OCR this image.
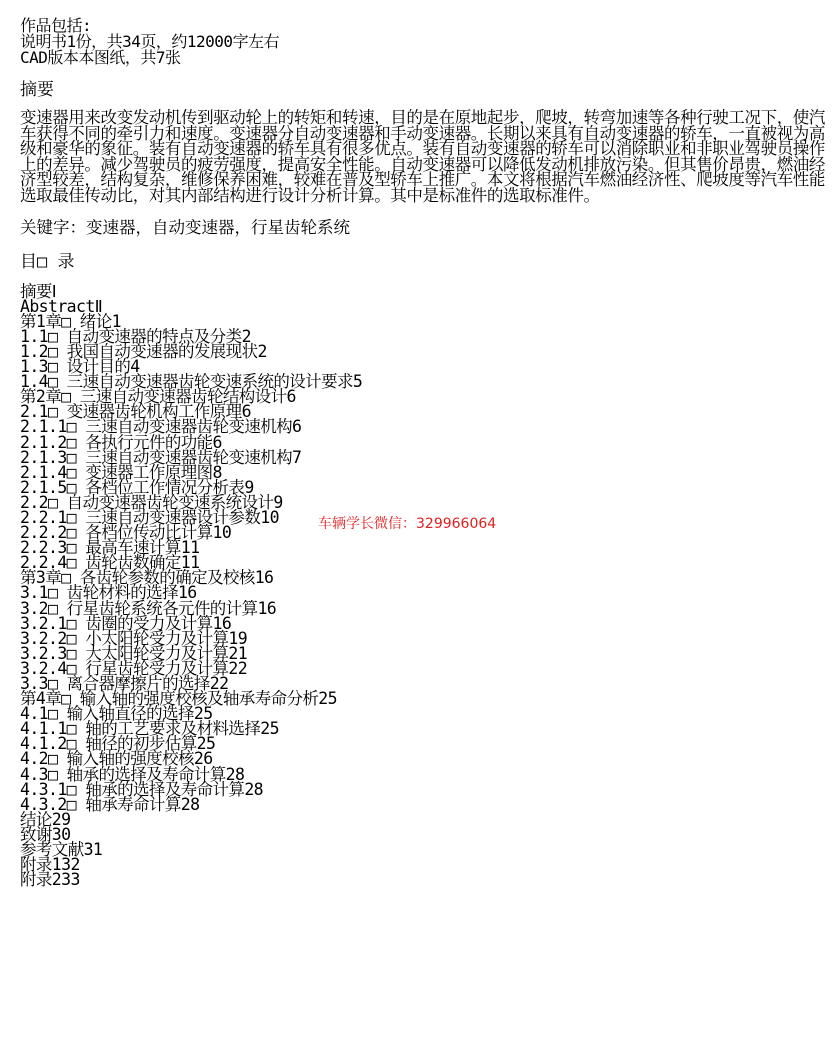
作品包括:
说明书1份，共34页，约12000字左右
CAD版本本图纸，共7张
摘要
变速器用来改变发动机传到驱动轮上的转矩和转速，目的是在原地起步，爬坡，转弯加速等各种行驶工况下，使汽车获得不同的牵引力和速度。变速器分自动变速器和手动变速器。长期以来具有自动变速器的轿车，一直被视为高级和豪华的象征。装有自动变速器的轿车具有很多优点。装有自动变速器的轿车可以消除职业和非职业驾驶员操作上的差异。减少驾驶员的疲劳强度，提高安全性能。自动变速器可以降低发动机排放污染。但其售价昂贵，燃油经济型较差，结构复杂，维修保养困难，较难在普及型轿车上推广。本文将根据汽车燃油经济性、爬坡度等汽车性能选取最佳传动比，对其内部结构进行设计分析计算。其中是标准件的选取标准件。
关键字：变速器，自动变速器，行星齿轮系统
目□ 录
摘要Ⅰ
AbstractⅡ
第1章□ 绪论1
1.1□ 自动变速器的特点及分类2
1.2□ 我国自动变速器的发展现状2
1.3□ 设计目的4
1.4□ 三速自动变速器齿轮变速系统的设计要求5
第2章□ 三速自动变速器齿轮结构设计6
2.1□ 变速器齿轮机构工作原理6
2.1.1□ 三速自动变速器齿轮变速机构6
2.1.2□ 各执行元件的功能6
2.1.3□ 三速自动变速器齿轮变速机构7
2.1.4□ 变速器工作原理图8
2.1.5□ 各档位工作情况分析表9
2.2□ 自动变速器齿轮变速系统设计9
2.2.1□ 三速自动变速器设计参数10
2.2.2□ 各档位传动比计算10
2.2.3□ 最高车速计算11
2.2.4□ 齿轮齿数确定11
第3章□ 各齿轮参数的确定及校核16
3.1□ 齿轮材料的选择16
3.2□ 行星齿轮系统各元件的计算16
3.2.1□ 齿圈的受力及计算16
3.2.2□ 小太阳轮受力及计算19
3.2.3□ 大太阳轮受力及计算21
3.2.4□ 行星齿轮受力及计算22
3.3□ 离合器摩擦片的选择22
第4章□ 输入轴的强度校核及轴承寿命分析25
4.1□ 输入轴直径的选择25
4.1.1□ 轴的工艺要求及材料选择25
4.1.2□ 轴径的初步估算25
4.2□ 输入轴的强度校核26
4.3□ 轴承的选择及寿命计算28
4.3.1□ 轴承的选择及寿命计算28
4.3.2□ 轴承寿命计算28
结论29
致谢30
参考文献31
附录132
附录233
车辆学长微信：329966064
